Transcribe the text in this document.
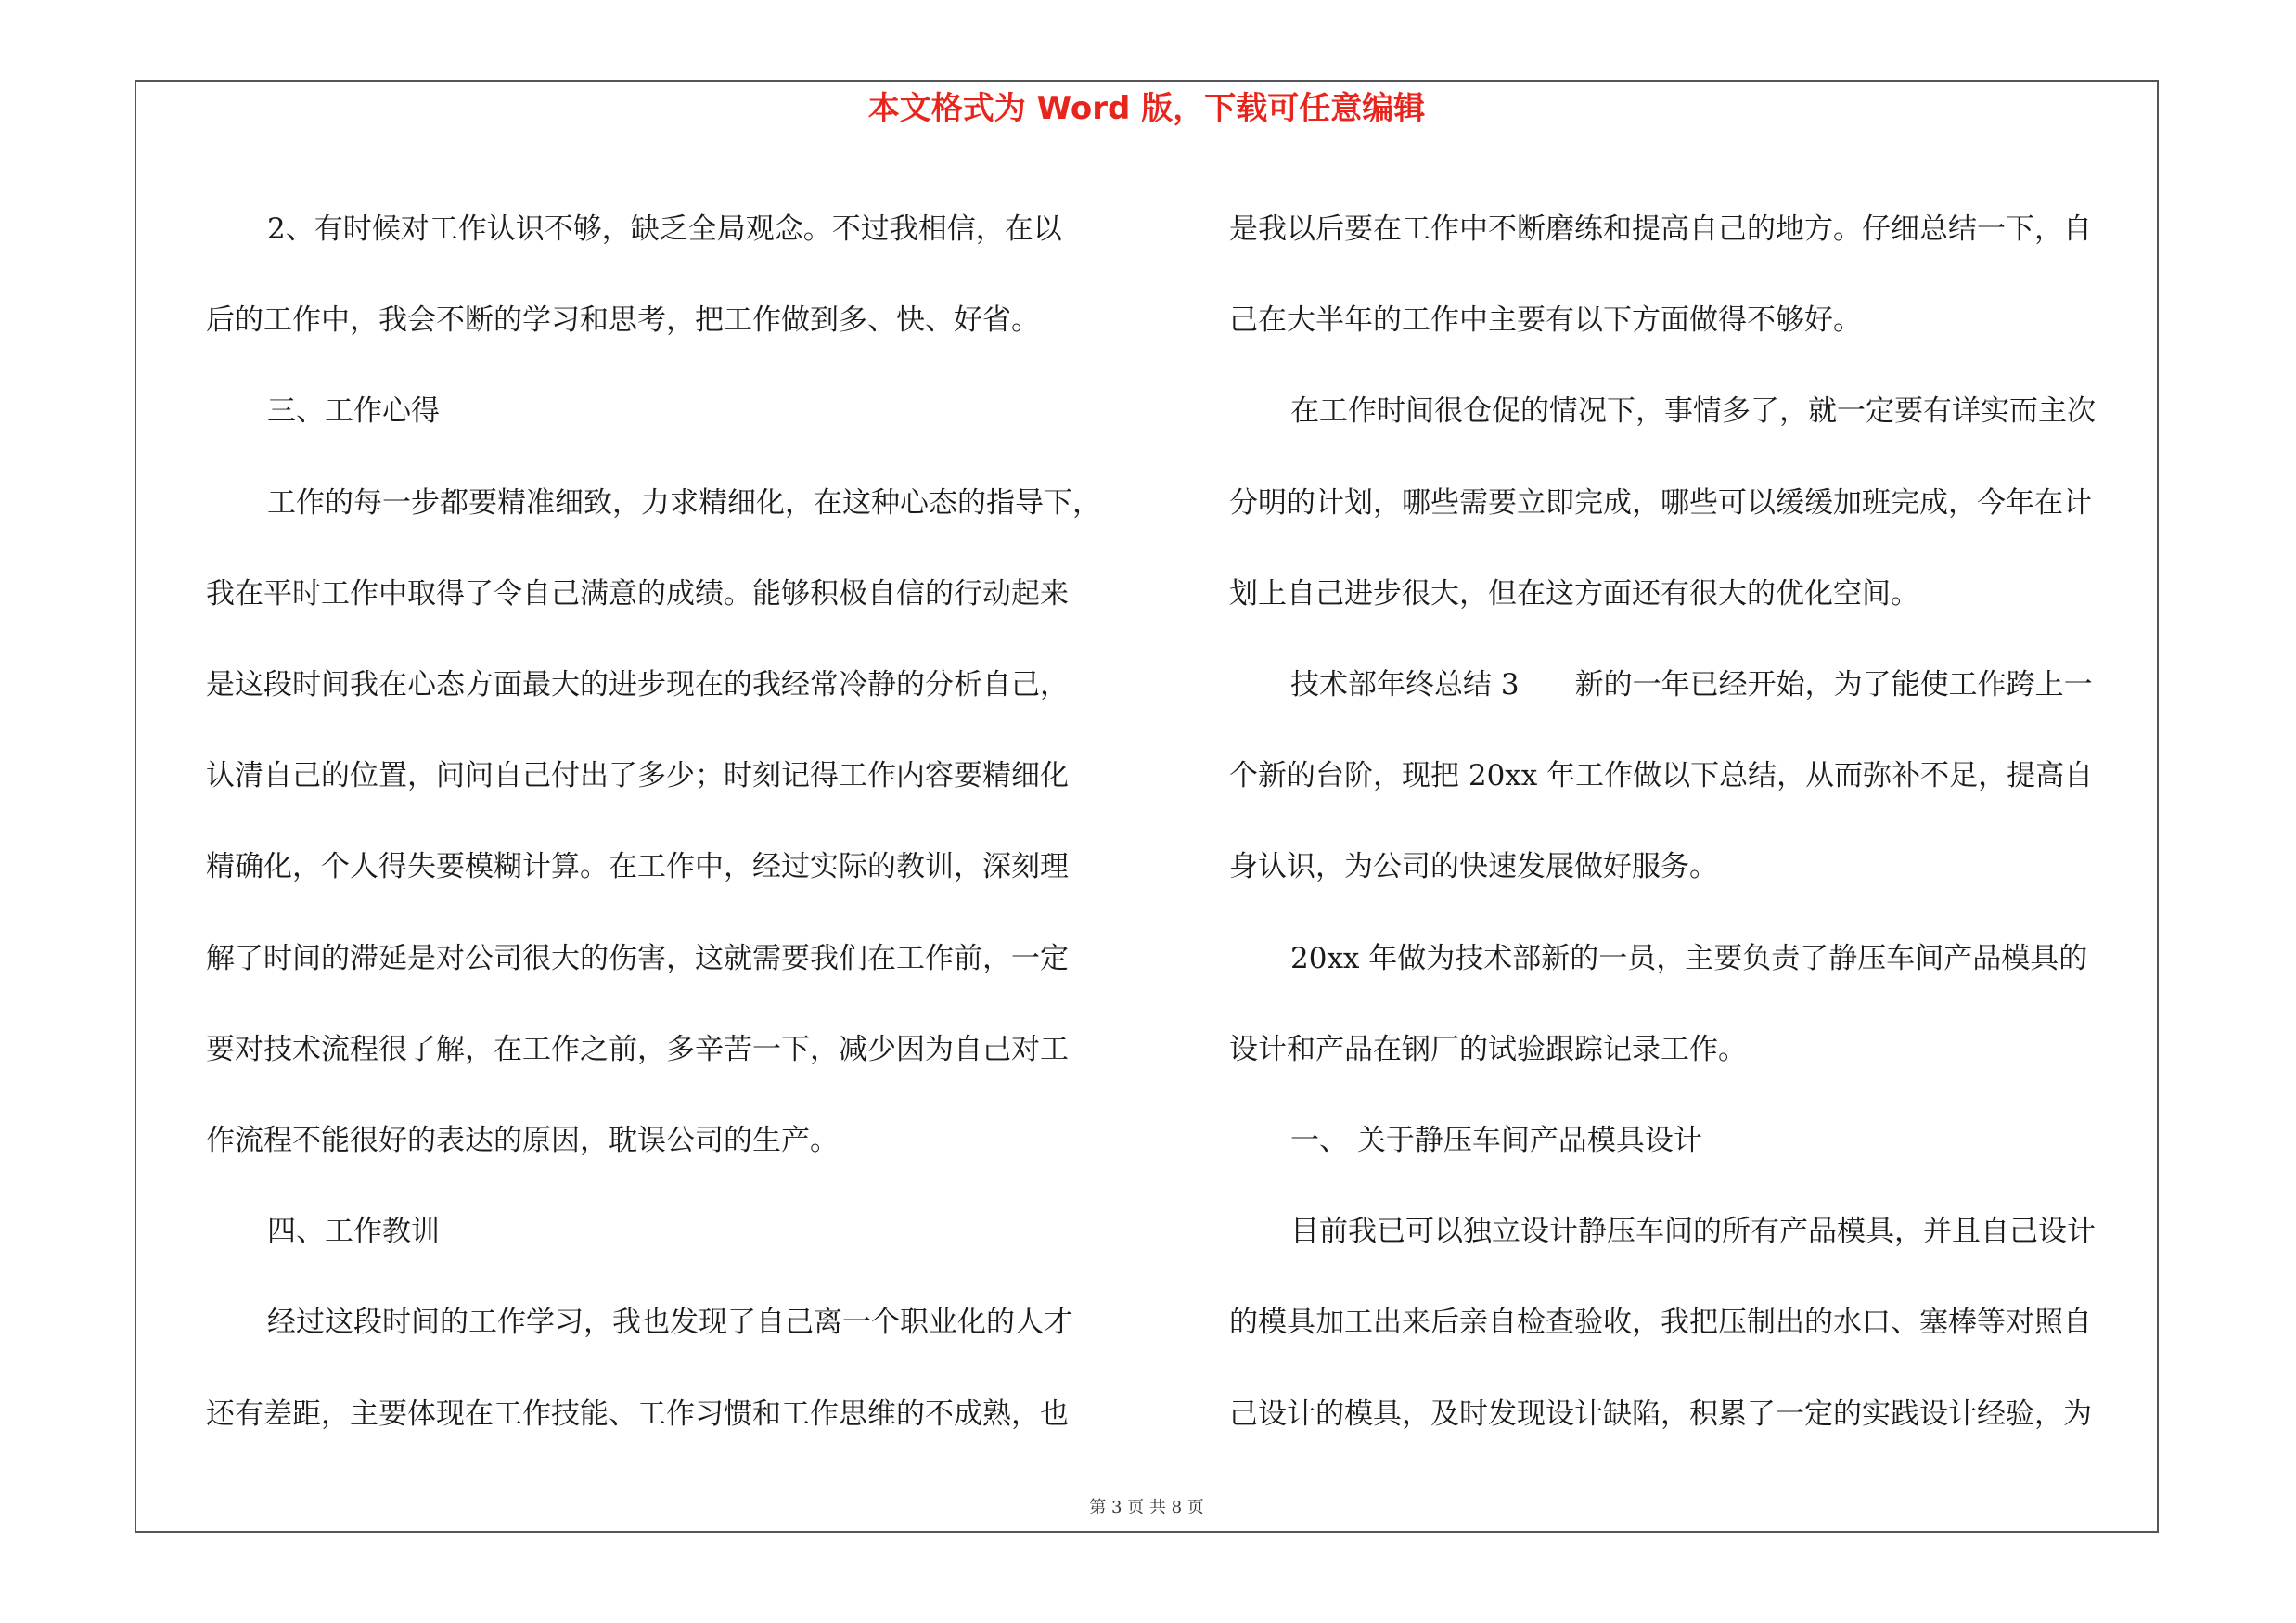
本文格式为 Word 版，下载可任意编辑

2、有时候对工作认识不够，缺乏全局观念。不过我相信，在以

后的工作中，我会不断的学习和思考，把工作做到多、快、好省。

三、工作心得

工作的每一步都要精准细致，力求精细化，在这种心态的指导下，

我在平时工作中取得了令自己满意的成绩。能够积极自信的行动起来

是这段时间我在心态方面最大的进步现在的我经常冷静的分析自己，

认清自己的位置，问问自己付出了多少；时刻记得工作内容要精细化

精确化，个人得失要模糊计算。在工作中，经过实际的教训，深刻理

解了时间的滞延是对公司很大的伤害，这就需要我们在工作前，一定

要对技术流程很了解，在工作之前，多辛苦一下，减少因为自己对工

作流程不能很好的表达的原因，耽误公司的生产。

四、工作教训

经过这段时间的工作学习，我也发现了自己离一个职业化的人才

还有差距，主要体现在工作技能、工作习惯和工作思维的不成熟，也

是我以后要在工作中不断磨练和提高自己的地方。仔细总结一下，自

己在大半年的工作中主要有以下方面做得不够好。

在工作时间很仓促的情况下，事情多了，就一定要有详实而主次

分明的计划，哪些需要立即完成，哪些可以缓缓加班完成，今年在计

划上自己进步很大，但在这方面还有很大的优化空间。

技术部年终总结 3 新的一年已经开始，为了能使工作跨上一

个新的台阶，现把 20xx 年工作做以下总结，从而弥补不足，提高自

身认识，为公司的快速发展做好服务。

20xx 年做为技术部新的一员，主要负责了静压车间产品模具的

设计和产品在钢厂的试验跟踪记录工作。

一、 关于静压车间产品模具设计

目前我已可以独立设计静压车间的所有产品模具，并且自己设计

的模具加工出来后亲自检查验收，我把压制出的水口、塞棒等对照自

己设计的模具，及时发现设计缺陷，积累了一定的实践设计经验，为

第 3 页 共 8 页
